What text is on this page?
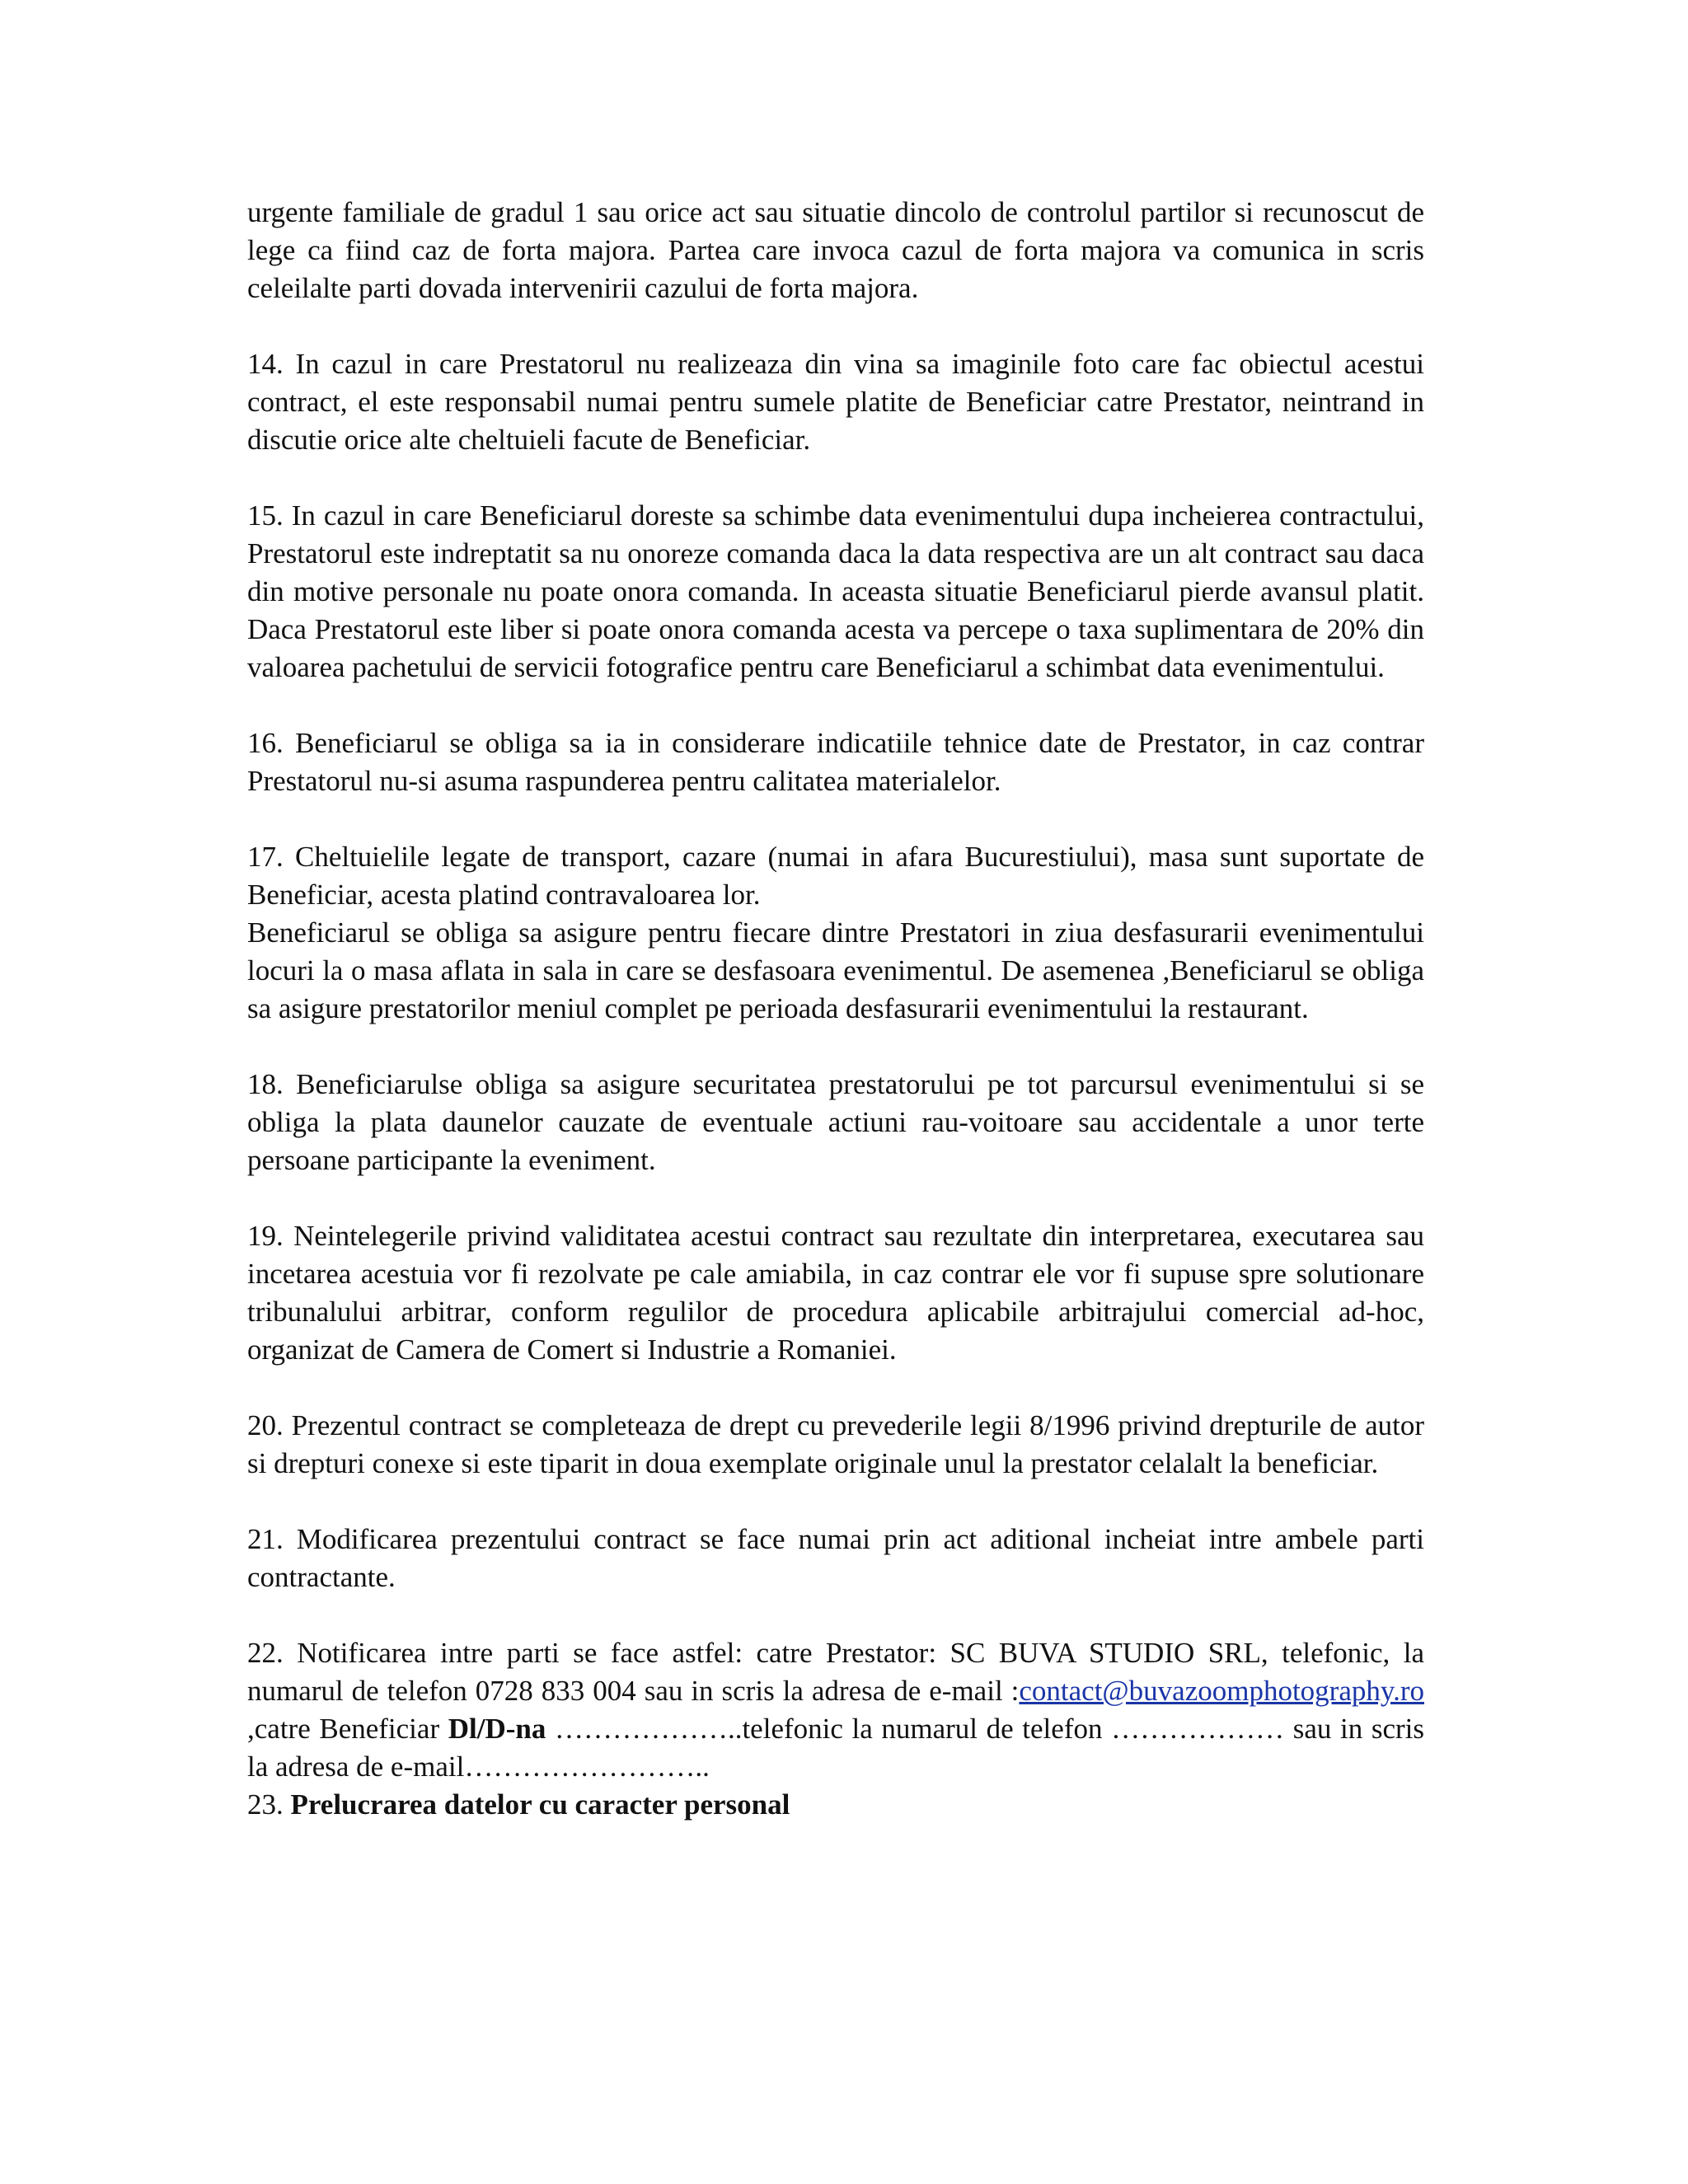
urgente familiale de gradul 1 sau orice act sau situatie dincolo de controlul partilor si recunoscut de lege ca fiind caz de forta majora. Partea care invoca cazul de forta majora va comunica in scris celeilalte parti dovada intervenirii cazului de forta majora.

14. In cazul in care Prestatorul nu realizeaza din vina sa imaginile foto care fac obiectul acestui contract, el este responsabil numai pentru sumele platite de Beneficiar catre Prestator, neintrand in discutie orice alte cheltuieli facute de Beneficiar.

15. In cazul in care Beneficiarul doreste sa schimbe data evenimentului dupa incheierea contractului, Prestatorul este indreptatit sa nu onoreze comanda daca la data respectiva are un alt contract sau daca din motive personale nu poate onora comanda. In aceasta situatie Beneficiarul pierde avansul platit. Daca Prestatorul este liber si poate onora comanda acesta va percepe o taxa suplimentara de 20% din valoarea pachetului de servicii fotografice pentru care Beneficiarul a schimbat data evenimentului.

16. Beneficiarul se obliga sa ia in considerare indicatiile tehnice date de Prestator, in caz contrar Prestatorul nu-si asuma raspunderea pentru calitatea materialelor.

17. Cheltuielile legate de transport, cazare (numai in afara Bucurestiului), masa sunt suportate de Beneficiar, acesta platind contravaloarea lor.

Beneficiarul se obliga sa asigure pentru fiecare dintre Prestatori in ziua desfasurarii evenimentului locuri la o masa aflata in sala in care se desfasoara evenimentul. De asemenea ,Beneficiarul se obliga sa asigure prestatorilor meniul complet pe perioada desfasurarii evenimentului la restaurant.

18. Beneficiarulse obliga sa asigure securitatea prestatorului pe tot parcursul evenimentului si se obliga la plata daunelor cauzate de eventuale actiuni rau-voitoare sau accidentale a unor terte persoane participante la eveniment.

19. Neintelegerile privind validitatea acestui contract sau rezultate din interpretarea, executarea sau incetarea acestuia vor fi rezolvate pe cale amiabila, in caz contrar ele vor fi supuse spre solutionare tribunalului arbitrar, conform regulilor de procedura aplicabile arbitrajului comercial ad-hoc, organizat de Camera de Comert si Industrie a Romaniei.

20. Prezentul contract se completeaza de drept cu prevederile legii 8/1996 privind drepturile de autor si drepturi conexe si este tiparit in doua exemplate originale unul la prestator celalalt la beneficiar.

21. Modificarea prezentului contract se face numai prin act aditional incheiat intre ambele parti contractante.

22. Notificarea intre parti se face astfel: catre Prestator: SC BUVA STUDIO SRL, telefonic, la numarul de telefon 0728 833 004 sau in scris la adresa de e-mail :contact@buvazoomphotography.ro ,catre Beneficiar Dl/D-na ………………..telefonic la numarul de telefon ……………… sau in scris la adresa de e-mail……………………..

23. Prelucrarea datelor cu caracter personal
